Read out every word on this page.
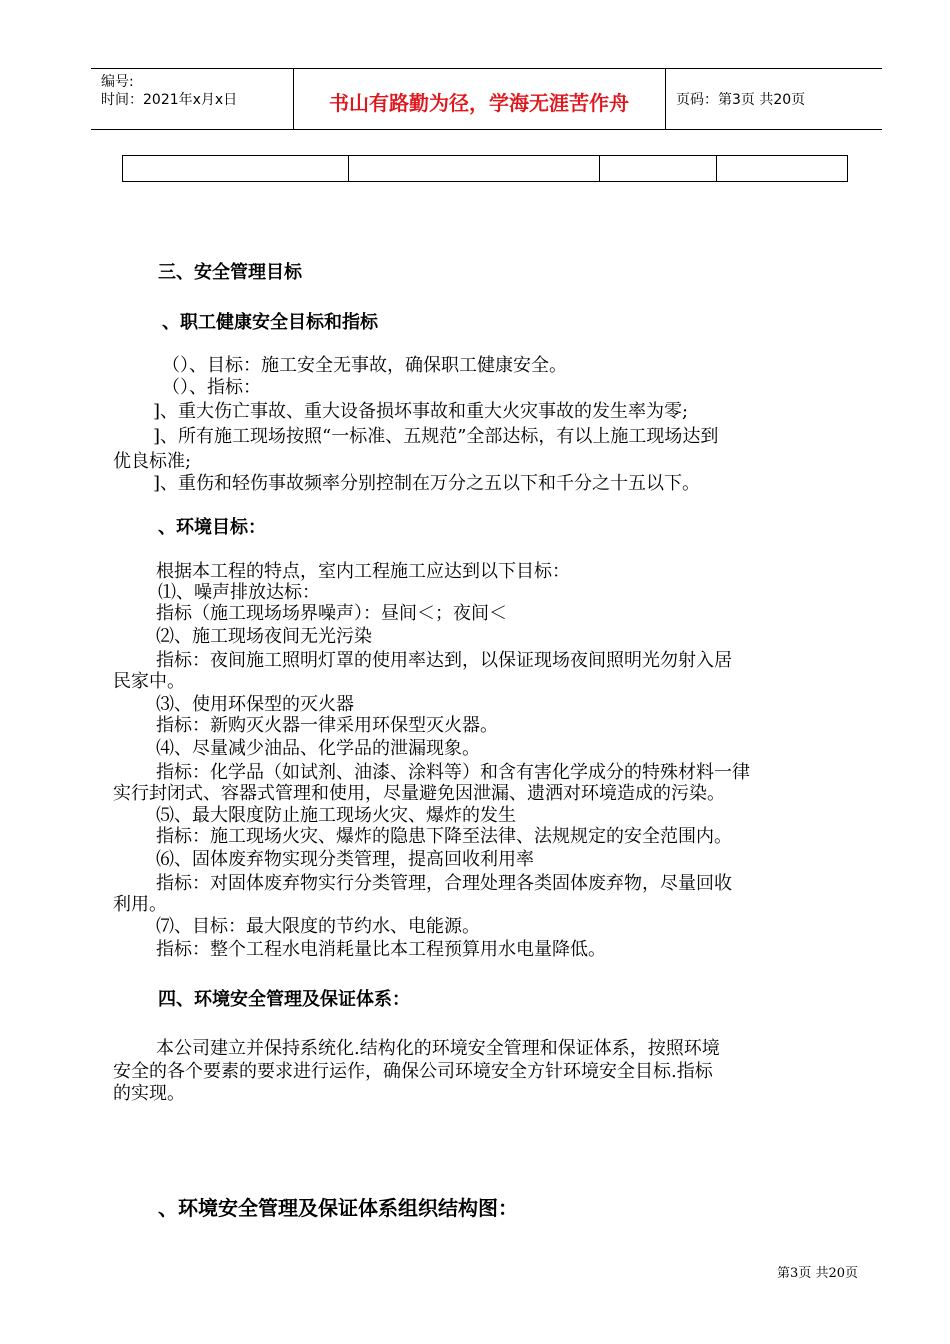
编号:
时间：2021年x月x日	书山有路勤为径，学海无涯苦作舟	页码：第3页 共20页
三、安全管理目标
、职工健康安全目标和指标
（）、目标：施工安全无事故，确保职工健康安全。
（）、指标：
]、重大伤亡事故、重大设备损坏事故和重大火灾事故的发生率为零;
]、所有施工现场按照“一标准、五规范”全部达标，有以上施工现场达到
优良标准;
]、重伤和轻伤事故频率分别控制在万分之五以下和千分之十五以下。
、环境目标：
根据本工程的特点，室内工程施工应达到以下目标：
⑴、噪声排放达标：
指标（施工现场场界噪声）：昼间＜；夜间＜
⑵、施工现场夜间无光污染
指标：夜间施工照明灯罩的使用率达到，以保证现场夜间照明光勿射入居
民家中。
⑶、使用环保型的灭火器
指标：新购灭火器一律采用环保型灭火器。
⑷、尽量减少油品、化学品的泄漏现象。
指标：化学品（如试剂、油漆、涂料等）和含有害化学成分的特殊材料一律
实行封闭式、容器式管理和使用，尽量避免因泄漏、遗洒对环境造成的污染。
⑸、最大限度防止施工现场火灾、爆炸的发生
指标：施工现场火灾、爆炸的隐患下降至法律、法规规定的安全范围内。
⑹、固体废弃物实现分类管理，提高回收利用率
指标：对固体废弃物实行分类管理，合理处理各类固体废弃物，尽量回收
利用。
⑺、目标：最大限度的节约水、电能源。
指标：整个工程水电消耗量比本工程预算用水电量降低。
四、环境安全管理及保证体系：
本公司建立并保持系统化.结构化的环境安全管理和保证体系，按照环境
安全的各个要素的要求进行运作，确保公司环境安全方针环境安全目标.指标
的实现。
、环境安全管理及保证体系组织结构图：
第3页 共20页
